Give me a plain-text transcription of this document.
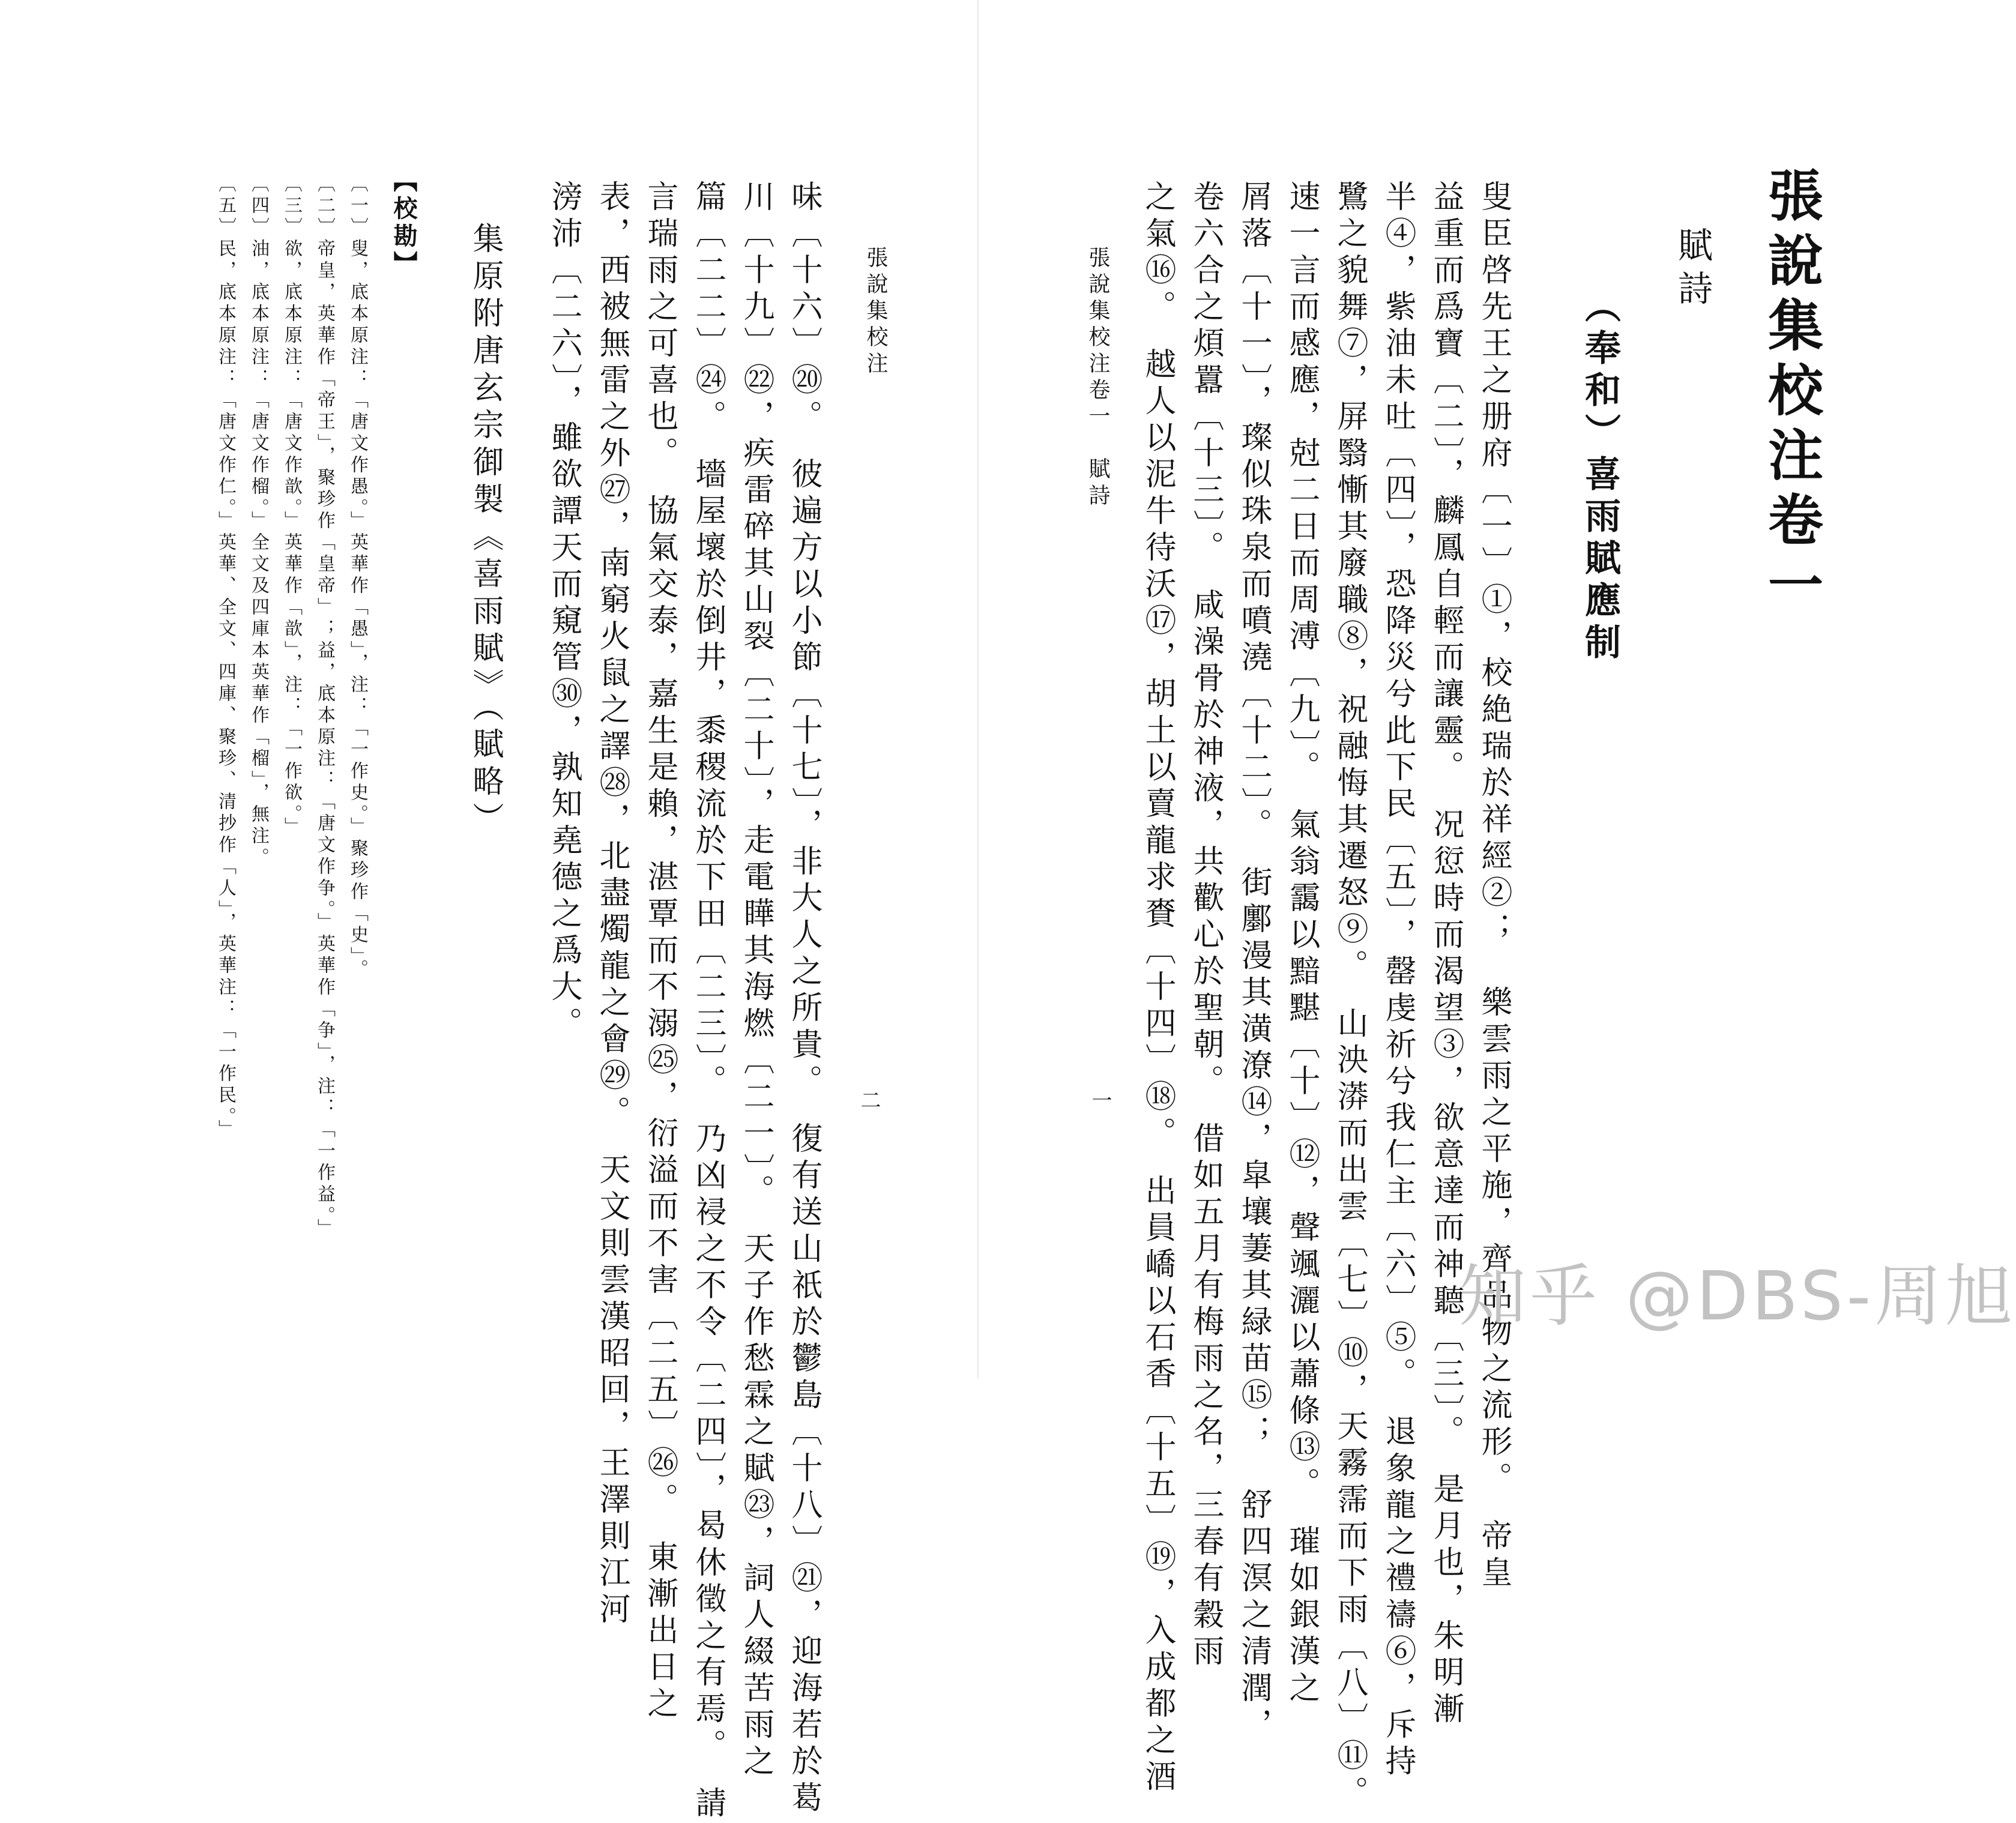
張說集校注
二
味〔十六〕⑳。　彼遍方以小節〔十七〕，非大人之所貴。　復有送山祇於鬱島〔十八〕㉑，迎海若於葛
川〔十九〕㉒，疾雷碎其山裂〔二十〕，走電瞱其海燃〔二一〕。　天子作愁霖之賦㉓，詞人綴苦雨之
篇〔二二〕㉔。　墻屋壞於倒井，黍稷流於下田〔二三〕。　乃凶祲之不令〔二四〕，曷休徵之有焉。　請
言瑞雨之可喜也。　協氣交泰，嘉生是賴，湛覃而不溺㉕，衍溢而不害〔二五〕㉖。　東漸出日之
表，西被無雷之外㉗，南窮火鼠之譯㉘，北盡燭龍之會㉙。　天文則雲漢昭回，王澤則江河
滂沛〔二六〕，雖欲譚天而窺管㉚，孰知堯德之爲大。
集原附唐玄宗御製《喜雨賦》（賦略）
【校勘】
〔一〕叟，底本原注：「唐文作愚。」英華作「愚」，注：「一作史。」聚珍作「史」。
〔二〕帝皇，英華作「帝王」，聚珍作「皇帝」；益，底本原注：「唐文作争。」英華作「争」，注：「一作益。」
〔三〕欲，底本原注：「唐文作歆。」英華作「歆」，注：「一作欲。」
〔四〕油，底本原注：「唐文作榴。」全文及四庫本英華作「榴」，無注。
〔五〕民，底本原注：「唐文作仁。」英華、全文、四庫、聚珍、清抄作「人」，英華注：「一作民。」	張說集校注卷一
賦詩
（奉和）喜雨賦應制
叟臣啓先王之册府〔一〕①，校絶瑞於祥經②；　樂雲雨之平施，齊品物之流形。　帝皇
益重而爲寶〔二〕，麟鳳自輕而讓靈。　况愆時而渴望③，欲意達而神聽〔三〕。　是月也，朱明漸
半④，紫油未吐〔四〕，恐降災兮此下民〔五〕，罄虔祈兮我仁主〔六〕⑤。　退象龍之禮禱⑥，斥持
鷺之貌舞⑦，屏翳慚其廢職⑧，祝融悔其遷怒⑨。　山泱漭而出雲〔七〕⑩，天霧霈而下雨〔八〕⑪。
速一言而感應，尅二日而周溥〔九〕。　氣翁靄以黯黮〔十〕⑫，聲颯灑以蕭條⑬。　璀如銀漢之
屑落〔十一〕，璨似珠泉而噴澆〔十二〕。　街鄽漫其潢潦⑭，皐壤萋其緑苗⑮；　舒四溟之清潤，
卷六合之煩囂〔十三〕。　咸澡骨於神液，共歡心於聖朝。　借如五月有梅雨之名，三春有穀雨
之氣⑯。　越人以泥牛待沃⑰，胡土以賣龍求賚〔十四〕⑱。　出員嶠以石香〔十五〕⑲，入成都之酒
張說集校注卷一　賦詩
一
知乎 @DBS-周旭
